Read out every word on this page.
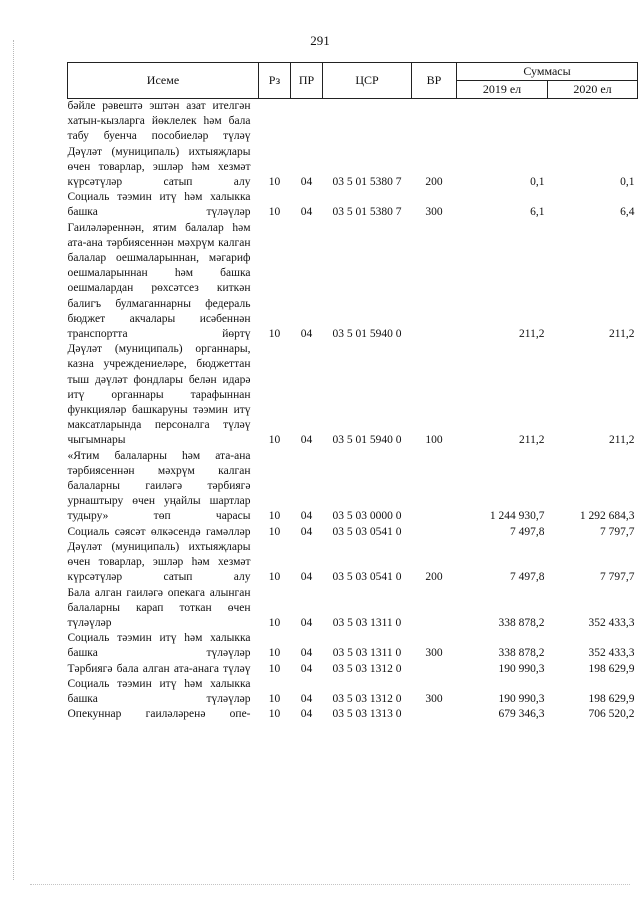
291
Исеме	Рз	ПР	ЦСР	ВР	Суммасы	
					2019 ел	2020 ел
бәйле рәвештә эштән азат ителгән хатын-кызларга йөклелек һәм бала табу буенча пособиеләр түләү						
Дәүләт (муниципаль) ихтыяҗлары өчен товарлар, эшләр һәм хезмәт күрсәтүләр сатып алу	10	04	03 5 01 5380 7	200	0,1	0,1
Социаль тәэмин итү һәм халыкка башка түләүләр	10	04	03 5 01 5380 7	300	6,1	6,4
Гаиләләреннән, ятим балалар һәм ата-ана тәрбиясеннән мәхрүм калган балалар оешмаларыннан, мәгариф оешмаларыннан һәм башка оешмалардан рөхсәтсез киткән балигъ булмаганнарны федераль бюджет акчалары исәбеннән транспортта йөртү	10	04	03 5 01 5940 0		211,2	211,2
Дәүләт (муниципаль) органнары, казна учреждениеләре, бюджеттан тыш дәүләт фондлары белән идарә итү органнары тарафыннан функцияләр башкаруны тәэмин итү максатларында персоналга түләү чыгымнары	10	04	03 5 01 5940 0	100	211,2	211,2
«Ятим балаларны һәм ата-ана тәрбиясеннән мәхрүм калган балаларны гаиләгә тәрбиягә урнаштыру өчен уңайлы шартлар тудыру» төп чарасы	10	04	03 5 03 0000 0		1 244 930,7	1 292 684,3
Социаль сәясәт өлкәсендә гамәлләр	10	04	03 5 03 0541 0		7 497,8	7 797,7
Дәүләт (муниципаль) ихтыяҗлары өчен товарлар, эшләр һәм хезмәт күрсәтүләр сатып алу	10	04	03 5 03 0541 0	200	7 497,8	7 797,7
Бала алган гаиләгә опекага алынган балаларны карап тоткан өчен түләүләр	10	04	03 5 03 1311 0		338 878,2	352 433,3
Социаль тәэмин итү һәм халыкка башка түләүләр	10	04	03 5 03 1311 0	300	338 878,2	352 433,3
Тәрбиягә бала алган ата-анага түләү	10	04	03 5 03 1312 0		190 990,3	198 629,9
Социаль тәэмин итү һәм халыкка башка түләүләр	10	04	03 5 03 1312 0	300	190 990,3	198 629,9
Опекуннар гаиләләренә опе-	10	04	03 5 03 1313 0		679 346,3	706 520,2
